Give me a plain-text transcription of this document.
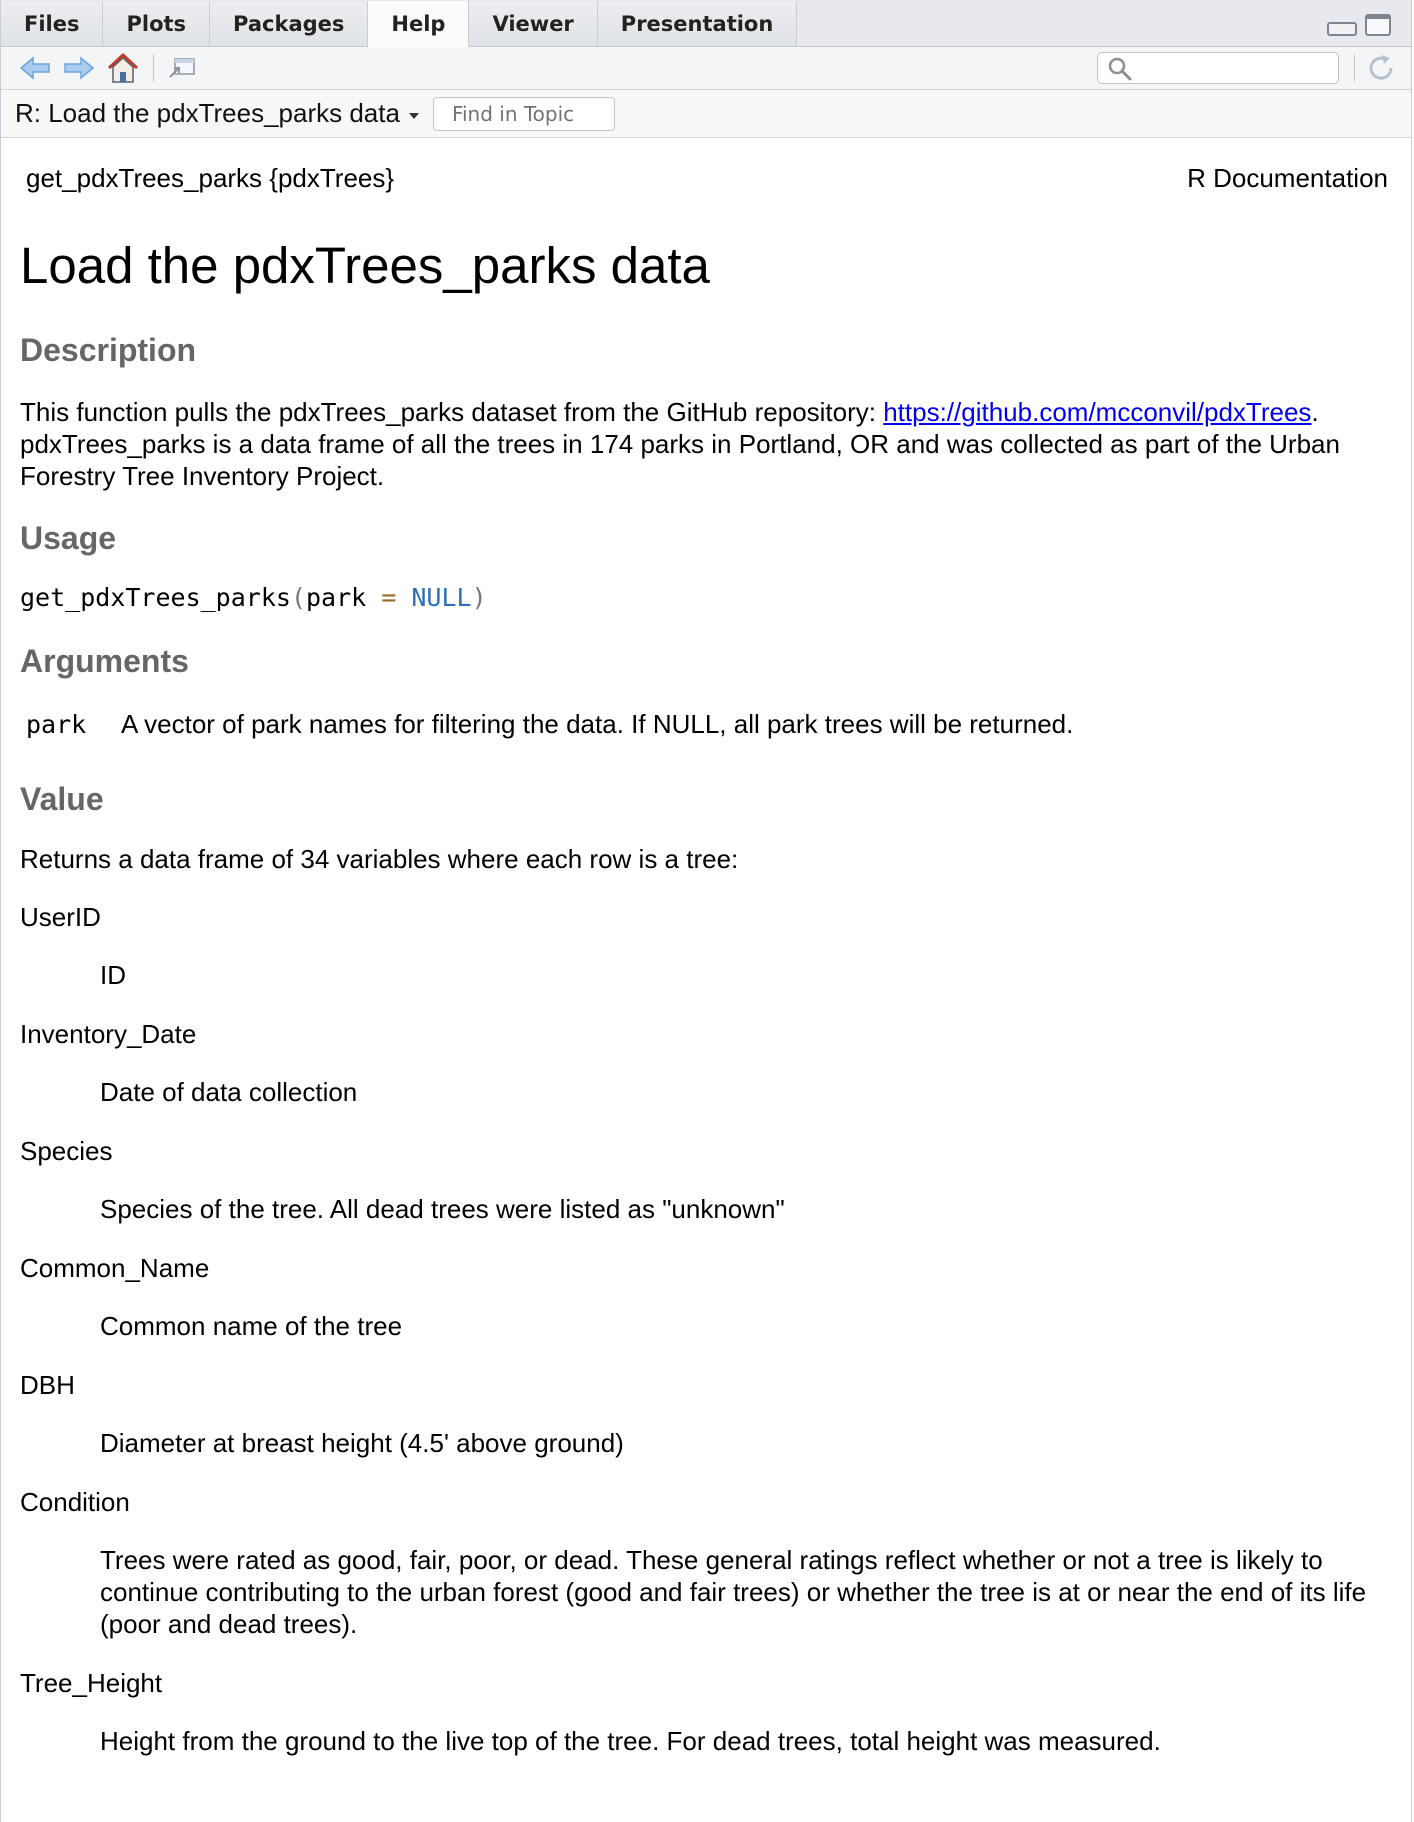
Files	Plots	Packages	Help	Viewer	Presentation
R: Load the pdxTrees_parks data
Find in Topic
get_pdxTrees_parks {pdxTrees}	R Documentation
Load the pdxTrees_parks data
Description

This function pulls the pdxTrees_parks dataset from the GitHub repository: https://github.com/mcconvil/pdxTrees. pdxTrees_parks is a data frame of all the trees in 174 parks in Portland, OR and was collected as part of the Urban Forestry Tree Inventory Project.

Usage
get_pdxTrees_parks(park = NULL)
Arguments
park	A vector of park names for filtering the data. If NULL, all park trees will be returned.
Value

Returns a data frame of 34 variables where each row is a tree:

UserID

ID

Inventory_Date

Date of data collection

Species

Species of the tree. All dead trees were listed as "unknown"

Common_Name

Common name of the tree

DBH

Diameter at breast height (4.5' above ground)

Condition

Trees were rated as good, fair, poor, or dead. These general ratings reflect whether or not a tree is likely to continue contributing to the urban forest (good and fair trees) or whether the tree is at or near the end of its life (poor and dead trees).

Tree_Height

Height from the ground to the live top of the tree. For dead trees, total height was measured.
